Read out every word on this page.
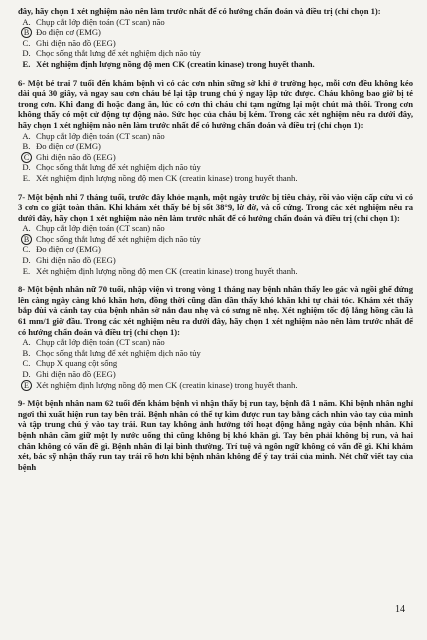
đây, hãy chọn 1 xét nghiệm nào nên làm trước nhất để có hướng chẩn đoán và điều trị (chỉ chọn 1):

A. Chụp cắt lớp điện toán (CT scan) não
B Đo điện cơ (EMG)
C. Ghi điện não đồ (EEG)
D. Chọc sống thắt lưng để xét nghiệm dịch não tủy
E. Xét nghiệm định lượng nồng độ men CK (creatin kinase) trong huyết thanh.

6- Một bé trai 7 tuổi đến khám bệnh vì có các cơn nhìn sững sờ khi ở trường học, mỗi cơn đều không kéo dài quá 30 giây, và ngay sau cơn cháu bé lại tập trung chú ý ngay lập tức được. Cháu không bao giờ bị té trong cơn. Khi đang đi hoặc đang ăn, lúc có cơn thì cháu chỉ tạm ngừng lại một chút mà thôi. Trong cơn không thấy có một cử động tự động nào. Sức học của cháu bị kém. Trong các xét nghiệm nêu ra dưới đây, hãy chọn 1 xét nghiệm nào nên làm trước nhất để có hướng chẩn đoán và điều trị (chỉ chọn 1):

A. Chụp cắt lớp điện toán (CT scan) não
B. Đo điện cơ (EMG)
C Ghi điện não đồ (EEG)
D. Chọc sống thắt lưng để xét nghiệm dịch não tủy
E. Xét nghiệm định lượng nồng độ men CK (creatin kinase) trong huyết thanh.

7- Một bệnh nhi 7 tháng tuổi, trước đây khỏe mạnh, một ngày trước bị tiêu chảy, rồi vào viện cấp cứu vì có 3 cơn co giật toàn thân. Khi khám xét thấy bé bị sốt 38°9, lờ đờ, và cổ cứng. Trong các xét nghiệm nêu ra dưới đây, hãy chọn 1 xét nghiệm nào nên làm trước nhất để có hướng chẩn đoán và điều trị (chỉ chọn 1):

A. Chụp cắt lớp điện toán (CT scan) não
B Chọc sống thắt lưng để xét nghiệm dịch não tủy
C. Đo điện cơ (EMG)
D. Ghi điện não đồ (EEG)
E. Xét nghiệm định lượng nồng độ men CK (creatin kinase) trong huyết thanh.

8- Một bệnh nhân nữ 70 tuổi, nhập viện vì trong vòng 1 tháng nay bệnh nhân thấy leo gác và ngồi ghế đứng lên càng ngày càng khó khăn hơn, đồng thời cũng dần dần thấy khó khăn khi tự chải tóc. Khám xét thấy bắp đùi và cánh tay của bệnh nhân sờ nắn đau nhẹ và có sưng nề nhẹ. Xét nghiệm tốc độ lắng hồng cầu là 61 mm/1 giờ đầu. Trong các xét nghiệm nêu ra dưới đây, hãy chọn 1 xét nghiệm nào nên làm trước nhất để có hướng chẩn đoán và điều trị (chỉ chọn 1):

A. Chụp cắt lớp điện toán (CT scan) não
B. Chọc sống thắt lưng để xét nghiệm dịch não tủy
C. Chụp X quang cột sống
D. Ghi điện não đồ (EEG)
E Xét nghiệm định lượng nồng độ men CK (creatin kinase) trong huyết thanh.

9- Một bệnh nhân nam 62 tuổi đến khám bệnh vì nhận thấy bị run tay, bệnh đã 1 năm. Khi bệnh nhân nghỉ ngơi thì xuất hiện run tay bên trái. Bệnh nhân có thể tự kìm được run tay bằng cách nhìn vào tay của mình và tập trung chú ý vào tay trái. Run tay không ảnh hưởng tới hoạt động hằng ngày của bệnh nhân. Khi bệnh nhân cầm giữ một ly nước uống thì cũng không bị khó khăn gì. Tay bên phải không bị run, và hai chân không có vấn đề gì. Bệnh nhân đi lại bình thường. Trí tuệ và ngôn ngữ không có vấn đề gì. Khi khám xét, bác sỹ nhận thấy run tay trái rõ hơn khi bệnh nhân không để ý tay trái của mình. Nét chữ viết tay của bệnh

14
